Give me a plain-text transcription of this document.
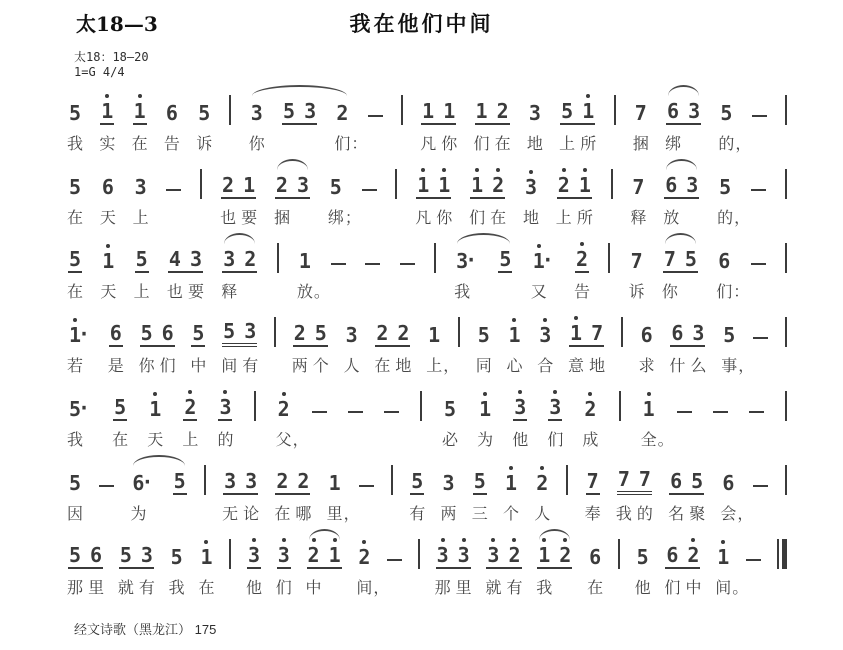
太18—3	我在他们中间
太18：18—20
1=G 4/4
5 1 1 6 5 3 5 3 2	1 1 1 2 3 5 1 7 6 3 5
我 实 在 告 诉 你	们：	凡 你 们 在 地 上 所 捆 绑 的，
5 6 3	2 1 2 3 5	1 1 1 2 3 2 1 7 6 3 5
在 天 上	也 要 捆 绑；	凡 你 们 在 地 上 所 释 放 的，
5 1 5 4 3 3 2 1	3 · 5 1 · 2 7 7 5 6
在 天 上 也 要 释	放。	我	又 告 诉 你 们：
1 · 6 5 6 5 5 3 2 5 3 2 2 1 5 1 3 1 7 6 6 3 5
若 是 你 们 中 间 有 两 个 人 在 地 上， 同 心 合 意 地 求 什 么 事，
5 · 5 1 2 3 2	5 1 3 3 2 1
我 在 天 上 的	父，	必 为 他 们 成	全。
5	6 · 5 3 3 2 2 1	5 3 5 1 2 7 7 7 6 5 6
因	为	无 论 在 哪 里，	有 两 三 个 人 奉 我 的 名 聚 会，
5 6 5 3 5 1 3 3 2 1 2	3 3 3 2 1 2 6 5 6 2 1
那 里 就 有 我 在 他 们 中 间，	那 里 就 有 我 在 他 们 中 间。
经文诗歌（黑龙江） 175
